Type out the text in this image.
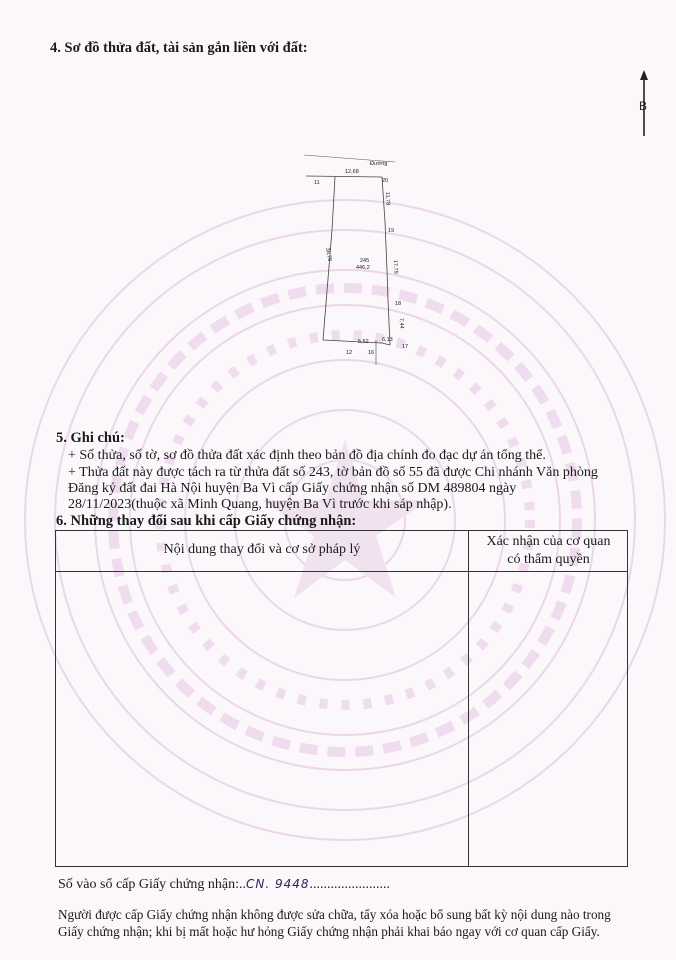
4. Sơ đồ thửa đất, tài sản gắn liền với đất:
B
Đường
12,68
11	20
19
18
17
16
12
245
446,2
5,52 6,13
36,78
11,78
17,79
7,44
5. Ghi chú:
+ Số thửa, số tờ, sơ đồ thửa đất xác định theo bản đồ địa chính đo đạc dự án tổng thể.
+ Thửa đất này được tách ra từ thửa đất số 243, tờ bản đồ số 55 đã được Chi nhánh Văn phòng
Đăng ký đất đai Hà Nội huyện Ba Vì cấp Giấy chứng nhận số DM 489804 ngày
28/11/2023(thuộc xã Minh Quang, huyện Ba Vì trước khi sáp nhập).
6. Những thay đổi sau khi cấp Giấy chứng nhận:
Nội dung thay đổi và cơ sở pháp lý
Xác nhận của cơ quan
có thẩm quyền
Số vào sổ cấp Giấy chứng nhận:..CN. 9448.......................
Người được cấp Giấy chứng nhận không được sửa chữa, tẩy xóa hoặc bổ sung bất kỳ nội dung nào trong Giấy chứng nhận; khi bị mất hoặc hư hỏng Giấy chứng nhận phải khai báo ngay với cơ quan cấp Giấy.
